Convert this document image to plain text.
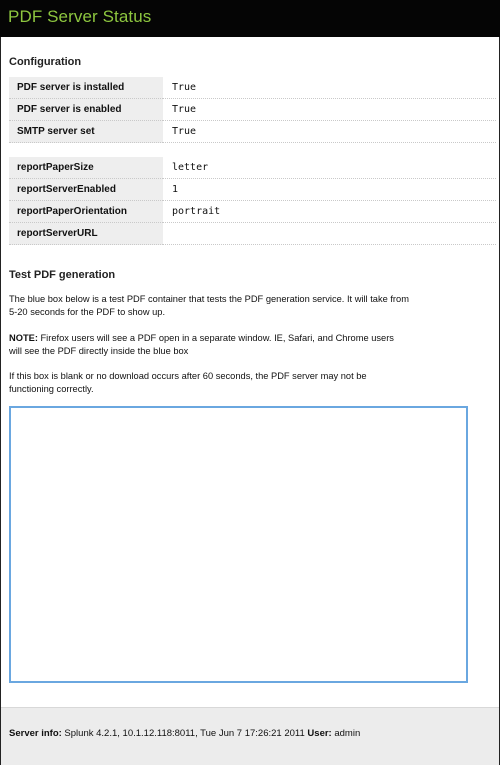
PDF Server Status
Configuration
PDF server is installed	True
PDF server is enabled	True
SMTP server set	True
reportPaperSize	letter
reportServerEnabled	1
reportPaperOrientation	portrait
reportServerURL	
Test PDF generation
The blue box below is a test PDF container that tests the PDF generation service. It will take from 5-20 seconds for the PDF to show up.
NOTE: Firefox users will see a PDF open in a separate window. IE, Safari, and Chrome users will see the PDF directly inside the blue box
If this box is blank or no download occurs after 60 seconds, the PDF server may not be functioning correctly.
Server info: Splunk 4.2.1, 10.1.12.118:8011, Tue Jun 7 17:26:21 2011 User: admin
